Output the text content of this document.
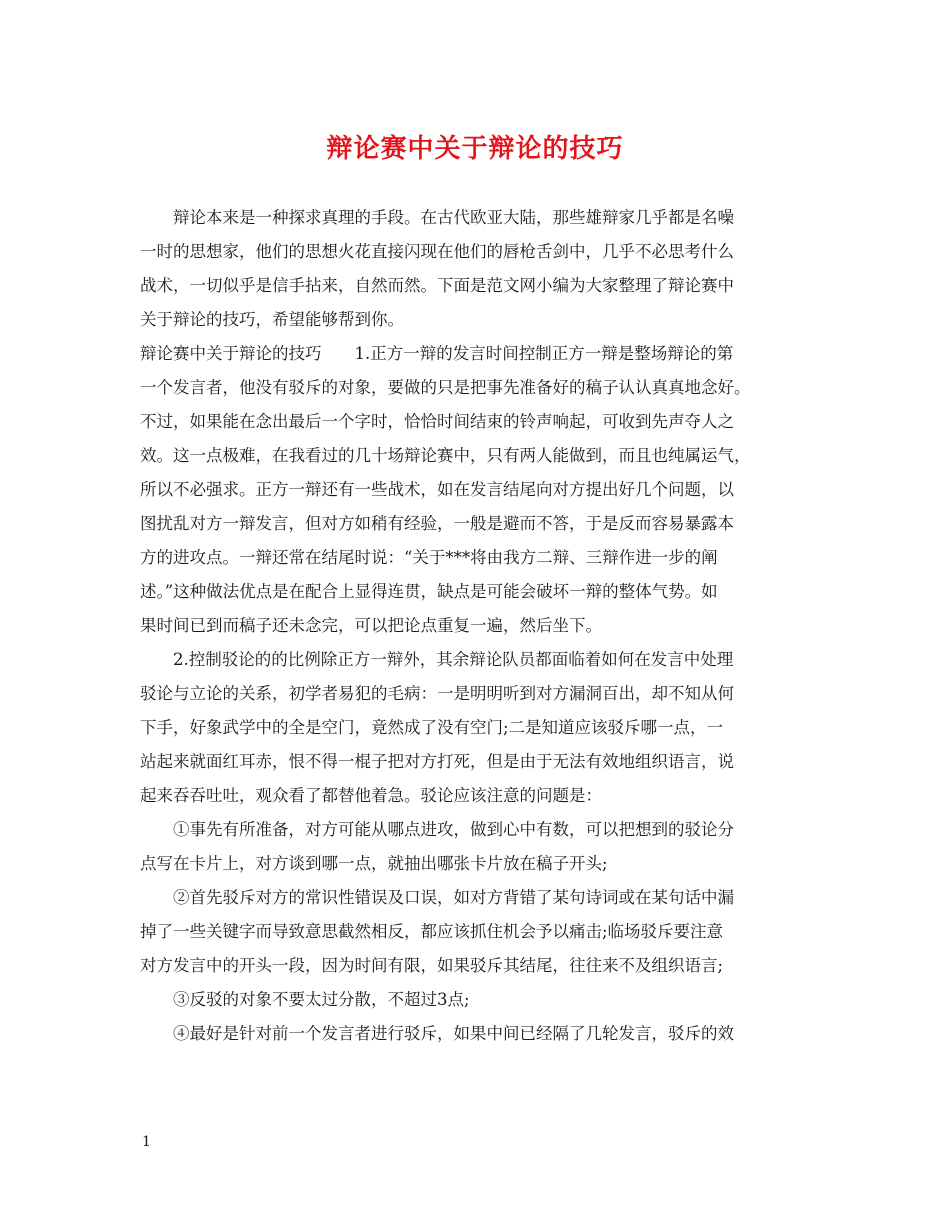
辩论赛中关于辩论的技巧
　　辩论本来是一种探求真理的手段。在古代欧亚大陆，那些雄辩家几乎都是名噪
一时的思想家，他们的思想火花直接闪现在他们的唇枪舌剑中，几乎不必思考什么
战术，一切似乎是信手拈来，自然而然。下面是范文网小编为大家整理了辩论赛中
关于辩论的技巧，希望能够帮到你。
辩论赛中关于辩论的技巧　　1.正方一辩的发言时间控制正方一辩是整场辩论的第
一个发言者，他没有驳斥的对象，要做的只是把事先准备好的稿子认认真真地念好。
不过，如果能在念出最后一个字时，恰恰时间结束的铃声响起，可收到先声夺人之
效。这一点极难，在我看过的几十场辩论赛中，只有两人能做到，而且也纯属运气，
所以不必强求。正方一辩还有一些战术，如在发言结尾向对方提出好几个问题，以
图扰乱对方一辩发言，但对方如稍有经验，一般是避而不答，于是反而容易暴露本
方的进攻点。一辩还常在结尾时说：“关于***将由我方二辩、三辩作进一步的阐
述。”这种做法优点是在配合上显得连贯，缺点是可能会破坏一辩的整体气势。如
果时间已到而稿子还未念完，可以把论点重复一遍，然后坐下。
　　2.控制驳论的的比例除正方一辩外，其余辩论队员都面临着如何在发言中处理
驳论与立论的关系，初学者易犯的毛病：一是明明听到对方漏洞百出，却不知从何
下手，好象武学中的全是空门，竟然成了没有空门;二是知道应该驳斥哪一点，一
站起来就面红耳赤，恨不得一棍子把对方打死，但是由于无法有效地组织语言，说
起来吞吞吐吐，观众看了都替他着急。驳论应该注意的问题是：
　　①事先有所准备，对方可能从哪点进攻，做到心中有数，可以把想到的驳论分
点写在卡片上，对方谈到哪一点，就抽出哪张卡片放在稿子开头;
　　②首先驳斥对方的常识性错误及口误，如对方背错了某句诗词或在某句话中漏
掉了一些关键字而导致意思截然相反，都应该抓住机会予以痛击;临场驳斥要注意
对方发言中的开头一段，因为时间有限，如果驳斥其结尾，往往来不及组织语言;
　　③反驳的对象不要太过分散，不超过3点;
　　④最好是针对前一个发言者进行驳斥，如果中间已经隔了几轮发言，驳斥的效
1
